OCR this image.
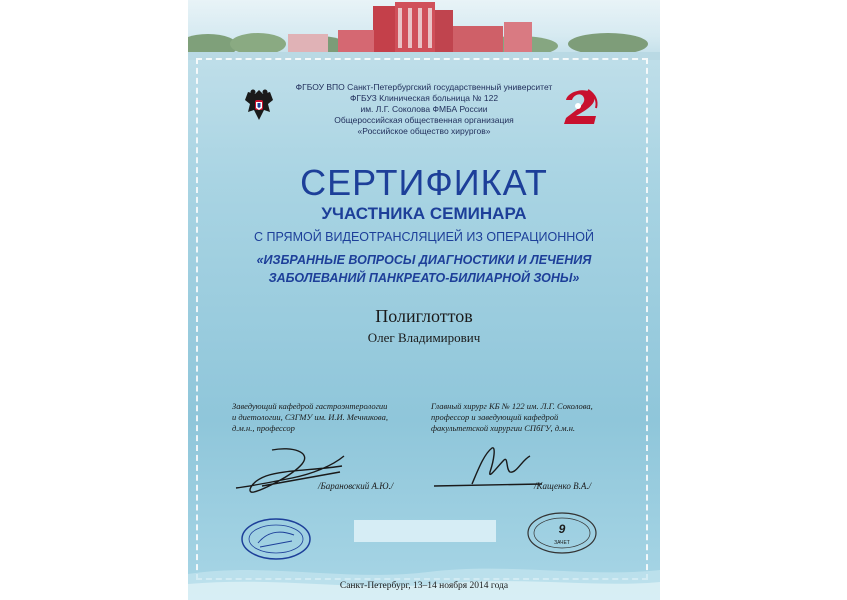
ФГБОУ ВПО Санкт-Петербургский государственный университет
ФГБУЗ Клиническая больница № 122
им. Л.Г. Соколова ФМБА России
Общероссийская общественная организация
«Российское общество хирургов»
СЕРТИФИКАТ
УЧАСТНИКА СЕМИНАРА
С ПРЯМОЙ ВИДЕОТРАНСЛЯЦИЕЙ ИЗ ОПЕРАЦИОННОЙ
«ИЗБРАННЫЕ ВОПРОСЫ ДИАГНОСТИКИ И ЛЕЧЕНИЯ
ЗАБОЛЕВАНИЙ ПАНКРЕАТО-БИЛИАРНОЙ ЗОНЫ»
Полиглоттов
Олег Владимирович
Заведующий кафедрой гастроэнтерологии
и диетологии, СЗГМУ им. И.И. Мечникова,
д.м.н., профессор
/Барановский А.Ю./
Главный хирург КБ № 122 им. Л.Г. Соколова,
профессор и заведующий кафедрой
факультетской хирургии СПбГУ, д.м.н.
/Кащенко В.А./
9
ЗАЧЕТ
Санкт-Петербург, 13–14 ноября 2014 года
